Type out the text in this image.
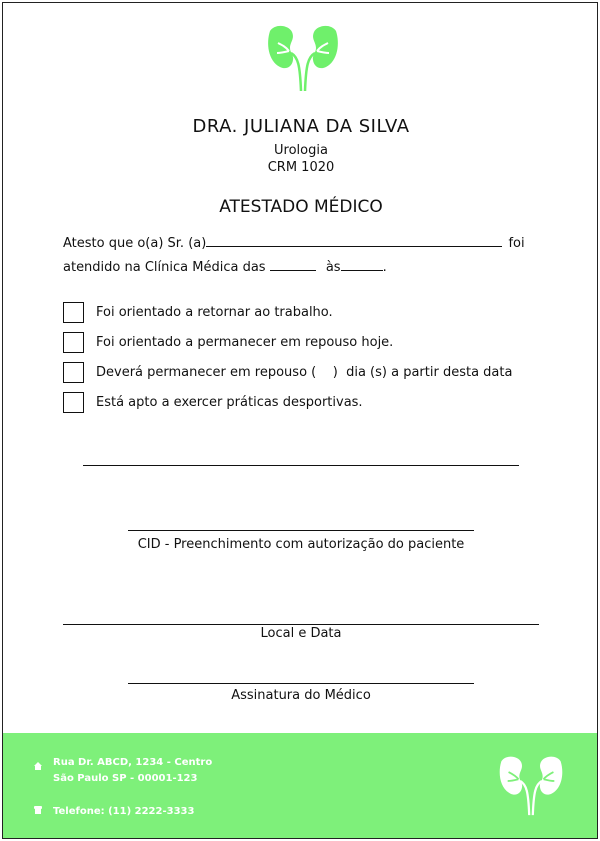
DRA. JULIANA DA SILVA
Urologia
CRM 1020
ATESTADO MÉDICO
Atesto que o(a) Sr. (a)	foi
atendido na Clínica Médica das	às	.
Foi orientado a retornar ao trabalho.
Foi orientado a permanecer em repouso hoje.
Deverá permanecer em repouso (    )  dia (s) a partir desta data
Está apto a exercer práticas desportivas.
CID - Preenchimento com autorização do paciente
Local e Data
Assinatura do Médico
Rua Dr. ABCD, 1234 - Centro
São Paulo SP - 00001-123
Telefone: (11) 2222-3333
